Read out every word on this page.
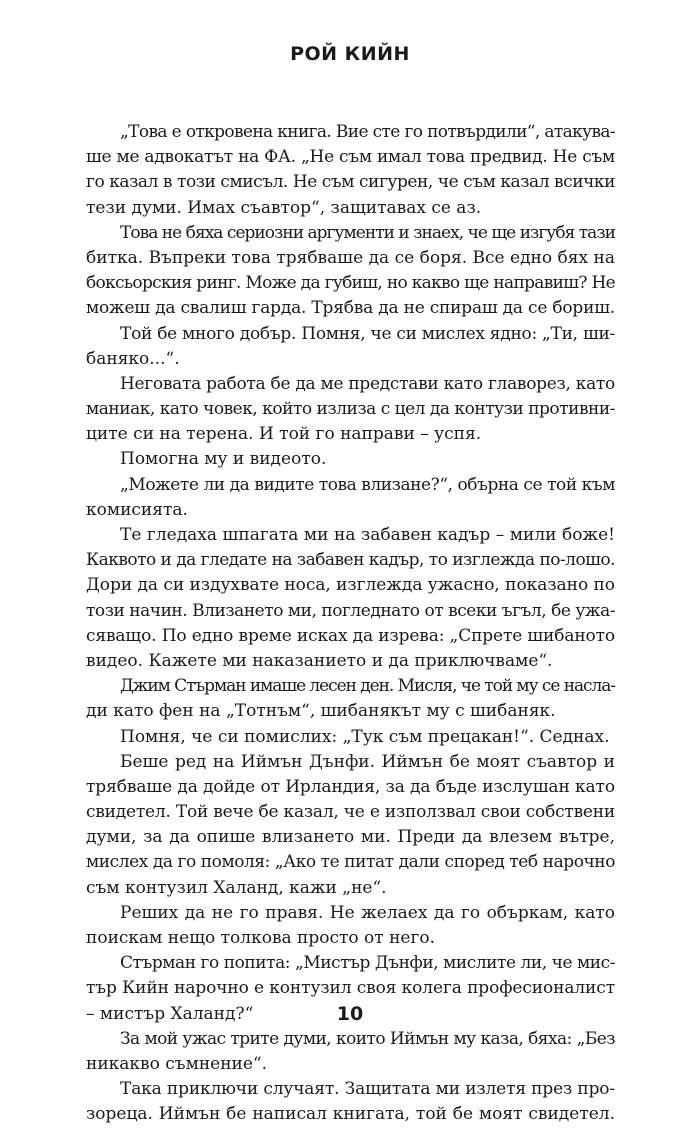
РОЙ КИЙН
„Това е откровена книга. Вие сте го потвърдили“, атакува-
ше ме адвокатът на ФА. „Не съм имал това предвид. Не съм
го казал в този смисъл. Не съм сигурен, че съм казал всички
тези думи. Имах съавтор“, защитавах се аз.
Това не бяха сериозни аргументи и знаех, че ще изгубя тази
битка. Въпреки това трябваше да се боря. Все едно бях на
боксьорския ринг. Може да губиш, но какво ще направиш? Не
можеш да свалиш гарда. Трябва да не спираш да се бориш.
Той бе много добър. Помня, че си мислех ядно: „Ти, ши-
баняко...“.
Неговата работа бе да ме представи като главорез, като
маниак, като човек, който излиза с цел да контузи противни-
ците си на терена. И той го направи – успя.
Помогна му и видеото.
„Можете ли да видите това влизане?“, обърна се той към
комисията.
Те гледаха шпагата ми на забавен кадър – мили боже!
Каквото и да гледате на забавен кадър, то изглежда по-лошо.
Дори да си издухвате носа, изглежда ужасно, показано по
този начин. Влизането ми, погледнато от всеки ъгъл, бе ужа-
сяващо. По едно време исках да изрева: „Спрете шибаното
видео. Кажете ми наказанието и да приключваме“.
Джим Стърман имаше лесен ден. Мисля, че той му се насла-
ди като фен на „Тотнъм“, шибанякът му с шибаняк.
Помня, че си помислих: „Тук съм прецакан!“. Седнах.
Беше ред на Иймън Дънфи. Иймън бе моят съавтор и
трябваше да дойде от Ирландия, за да бъде изслушан като
свидетел. Той вече бе казал, че е използвал свои собствени
думи, за да опише влизането ми. Преди да влезем вътре,
мислех да го помоля: „Ако те питат дали според теб нарочно
съм контузил Халанд, кажи „не“.
Реших да не го правя. Не желаех да го объркам, като
поискам нещо толкова просто от него.
Стърман го попита: „Мистър Дънфи, мислите ли, че мис-
тър Кийн нарочно е контузил своя колега професионалист
– мистър Халанд?“
За мой ужас трите думи, които Иймън му каза, бяха: „Без
никакво съмнение“.
Така приключи случаят. Защитата ми излетя през про-
зореца. Иймън бе написал книгата, той бе моят свидетел.
10
